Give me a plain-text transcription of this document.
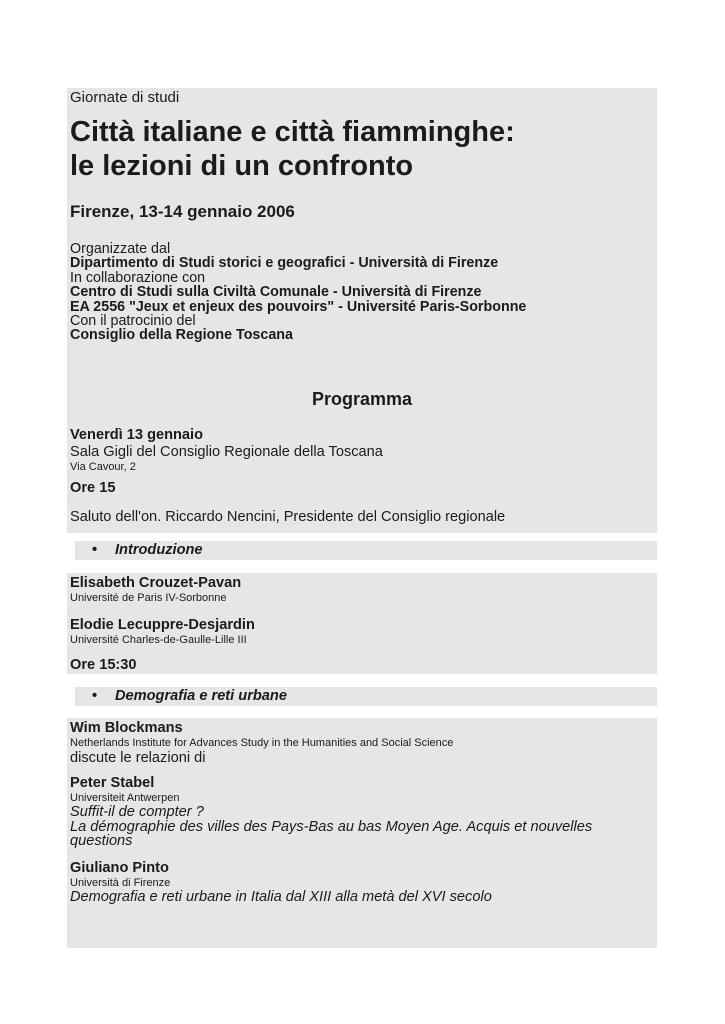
Giornate di studi
Città italiane e città fiamminghe:
le lezioni di un confronto
Firenze, 13-14 gennaio 2006
Organizzate dal
Dipartimento di Studi storici e geografici - Università di Firenze
In collaborazione con
Centro di Studi sulla Civiltà Comunale - Università di Firenze
EA 2556 "Jeux et enjeux des pouvoirs" - Université Paris-Sorbonne
Con il patrocinio del
Consiglio della Regione Toscana
Programma
Venerdì 13 gennaio
Sala Gigli del Consiglio Regionale della Toscana
Via Cavour, 2
Ore 15
Saluto dell'on. Riccardo Nencini, Presidente del Consiglio regionale
• Introduzione
Elisabeth Crouzet-Pavan
Université de Paris IV-Sorbonne
Elodie Lecuppre-Desjardin
Université Charles-de-Gaulle-Lille III
Ore 15:30
• Demografia e reti urbane
Wim Blockmans
Netherlands Institute for Advances Study in the Humanities and Social Science
discute le relazioni di
Peter Stabel
Universiteit Antwerpen
Suffit-il de compter ?
La démographie des villes des Pays-Bas au bas Moyen Age. Acquis et nouvelles questions
Giuliano Pinto
Università di Firenze
Demografia e reti urbane in Italia dal XIII alla metà del XVI secolo
